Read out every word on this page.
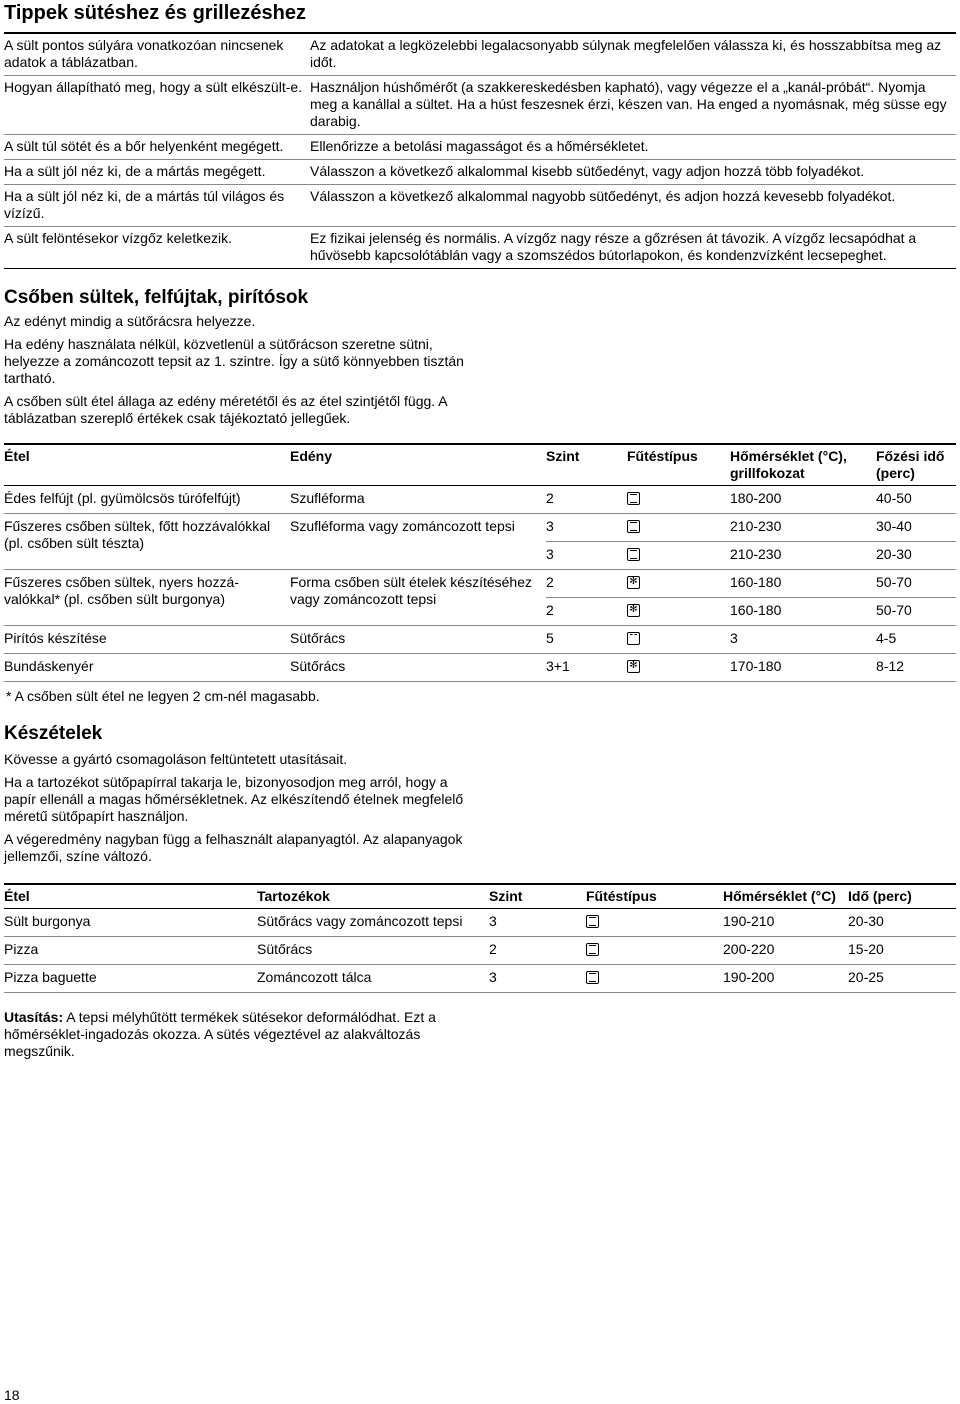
Tippek sütéshez és grillezéshez
A sült pontos súlyára vonatkozóan nincsenek adatok a táblázatban.	Az adatokat a legközelebbi legalacsonyabb súlynak megfelelően válassza ki, és hosszabbítsa meg az időt.
Hogyan állapítható meg, hogy a sült elkészült-e.	Használjon húshőmérőt (a szakkereskedésben kapható), vagy végezze el a „kanál-próbát“. Nyomja meg a kanállal a sültet. Ha a húst feszesnek érzi, készen van. Ha enged a nyomásnak, még süsse egy darabig.
A sült túl sötét és a bőr helyenként megégett.	Ellenőrizze a betolási magasságot és a hőmérsékletet.
Ha a sült jól néz ki, de a mártás megégett.	Válasszon a következő alkalommal kisebb sütőedényt, vagy adjon hozzá több folyadékot.
Ha a sült jól néz ki, de a mártás túl világos és vízízű.	Válasszon a következő alkalommal nagyobb sütőedényt, és adjon hozzá kevesebb folyadékot.
A sült felöntésekor vízgőz keletkezik.	Ez fizikai jelenség és normális. A vízgőz nagy része a gőzrésen át távozik. A vízgőz lecsapódhat a hűvösebb kapcsolótáblán vagy a szomszédos bútorlapokon, és kondenzvízként lecsepeghet.
Csőben sültek, felfújtak, pirítósok

Az edényt mindig a sütőrácsra helyezze.

Ha edény használata nélkül, közvetlenül a sütőrácson szeretne sütni, helyezze a zománcozott tepsit az 1. szintre. Így a sütő könnyebben tisztán tartható.

A csőben sült étel állaga az edény méretétől és az étel szintjétől függ. A táblázatban szereplő értékek csak tájékoztató jellegűek.

Étel	Edény	Szint	Fűtéstípus	Hőmérséklet (°C), grillfokozat	Főzési idő (perc)
Édes felfújt (pl. gyümölcsös túrófelfújt)	Szufléforma	2		180-200	40-50
Fűszeres csőben sültek, főtt hozzávalókkal (pl. csőben sült tészta)	Szufléforma vagy zománcozott tepsi	3		210-230	30-40
		3		210-230	20-30
Fűszeres csőben sültek, nyers hozzávalókkal* (pl. csőben sült burgonya)	Forma csőben sült ételek készítéséhez vagy zománcozott tepsi	2	✻	160-180	50-70
		2	✻	160-180	50-70
Pirítós készítése	Sütőrács	5		3	4-5
Bundáskenyér	Sütőrács	3+1	✻	170-180	8-12
* A csőben sült étel ne legyen 2 cm-nél magasabb.
Készételek

Kövesse a gyártó csomagoláson feltüntetett utasításait.

Ha a tartozékot sütőpapírral takarja le, bizonyosodjon meg arról, hogy a papír ellenáll a magas hőmérsékletnek. Az elkészítendő ételnek megfelelő méretű sütőpapírt használjon.

A végeredmény nagyban függ a felhasznált alapanyagtól. Az alapanyagok jellemzői, színe változó.

Étel	Tartozékok	Szint	Fűtéstípus	Hőmérséklet (°C)	Idő (perc)
Sült burgonya	Sütőrács vagy zománcozott tepsi	3		190-210	20-30
Pizza	Sütőrács	2		200-220	15-20
Pizza baguette	Zománcozott tálca	3		190-200	20-25

Utasítás: A tepsi mélyhűtött termékek sütésekor deformálódhat. Ezt a hőmérséklet-ingadozás okozza. A sütés végeztével az alakváltozás megszűnik.

18
